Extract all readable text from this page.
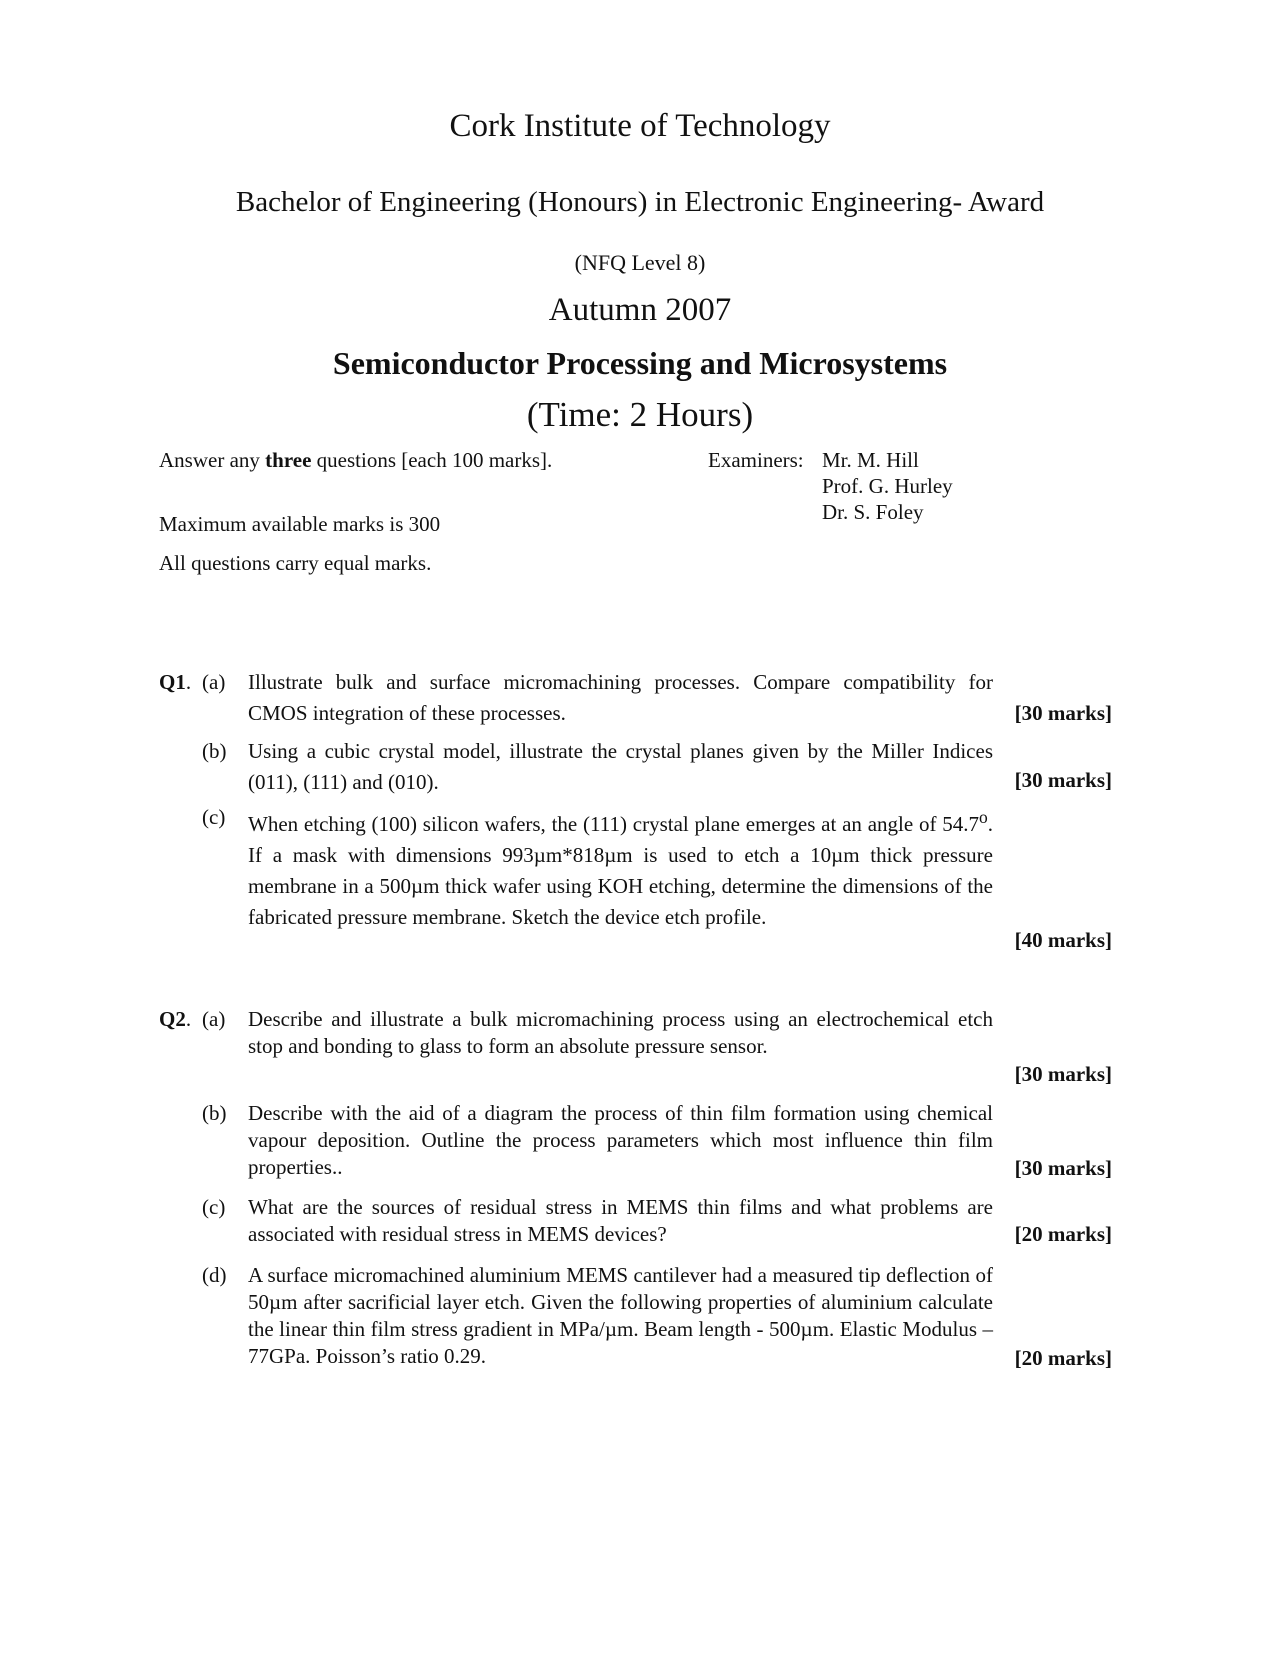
Cork Institute of Technology
Bachelor of Engineering (Honours) in Electronic Engineering- Award
(NFQ Level 8)
Autumn 2007
Semiconductor Processing and Microsystems
(Time: 2 Hours)
Answer any three questions [each 100 marks].
Maximum available marks is 300
All questions carry equal marks.
Examiners: Mr. M. Hill
Prof. G. Hurley
Dr. S. Foley
Q1. (a) Illustrate bulk and surface micromachining processes. Compare compatibility for CMOS integration of these processes.	[30 marks]
(b) Using a cubic crystal model, illustrate the crystal planes given by the Miller Indices (011), (111) and (010).	[30 marks]
(c) When etching (100) silicon wafers, the (111) crystal plane emerges at an angle of 54.7$^o$. If a mask with dimensions 993µm*818µm is used to etch a 10µm thick pressure membrane in a 500µm thick wafer using KOH etching, determine the dimensions of the fabricated pressure membrane. Sketch the device etch profile.
[40 marks]
Q2. (a) Describe and illustrate a bulk micromachining process using an electrochemical etch stop and bonding to glass to form an absolute pressure sensor.
[30 marks]
(b) Describe with the aid of a diagram the process of thin film formation using chemical vapour deposition. Outline the process parameters which most influence thin film properties..	[30 marks]
(c) What are the sources of residual stress in MEMS thin films and what problems are associated with residual stress in MEMS devices?	[20 marks]
(d) A surface micromachined aluminium MEMS cantilever had a measured tip deflection of 50µm after sacrificial layer etch. Given the following properties of aluminium calculate the linear thin film stress gradient in MPa/µm. Beam length - 500µm. Elastic Modulus – 77GPa. Poisson’s ratio 0.29.	[20 marks]
